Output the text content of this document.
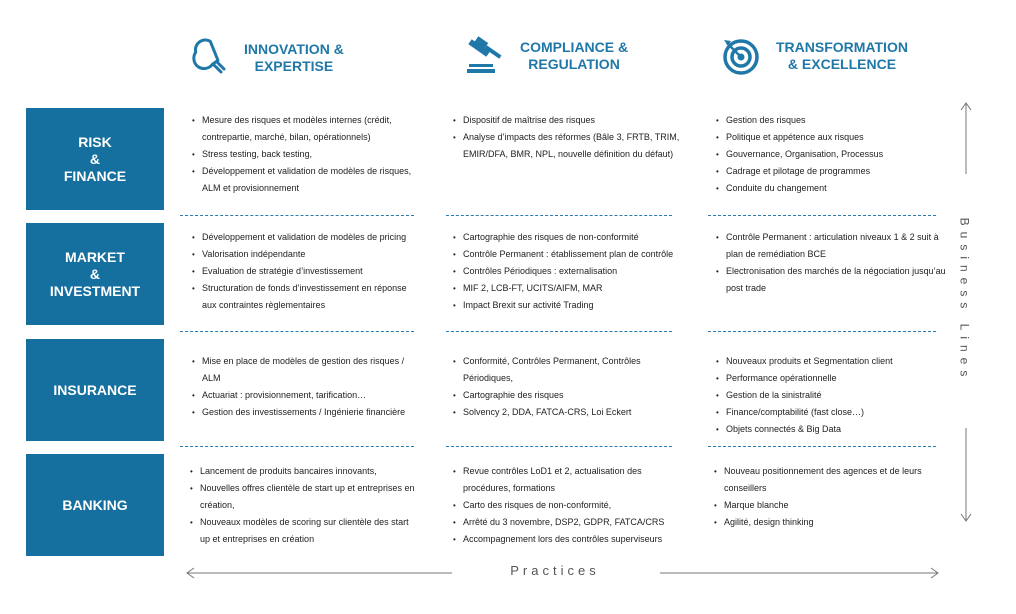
INNOVATION &
EXPERTISE
COMPLIANCE &
REGULATION
TRANSFORMATION
& EXCELLENCE
RISK
&
FINANCE
MARKET
&
INVESTMENT
INSURANCE
BANKING
• Mesure des risques et modèles internes (crédit, contrepartie, marché, bilan, opérationnels)
• Stress testing, back testing,
• Développement et validation de modèles de risques, ALM et provisionnement
• Dispositif de maîtrise des risques
• Analyse d’impacts des réformes (Bâle 3, FRTB, TRIM, EMIR/DFA, BMR, NPL, nouvelle définition du défaut)
• Gestion des risques
• Politique et appétence aux risques
• Gouvernance, Organisation, Processus
• Cadrage et pilotage de programmes
• Conduite du changement
• Développement et validation de modèles de pricing
• Valorisation indépendante
• Evaluation de stratégie d’investissement
• Structuration de fonds d’investissement en réponse aux contraintes règlementaires
• Cartographie des risques de non-conformité
• Contrôle Permanent : établissement plan de contrôle
• Contrôles Périodiques : externalisation
• MIF 2, LCB-FT, UCITS/AIFM, MAR
• Impact Brexit sur activité Trading
• Contrôle Permanent : articulation niveaux 1 & 2 suit à plan de remédiation BCE
• Electronisation des marchés de la négociation jusqu’au post trade
• Mise en place de modèles de gestion des risques / ALM
• Actuariat : provisionnement, tarification…
• Gestion des investissements / Ingénierie financière
• Conformité, Contrôles Permanent, Contrôles Périodiques,
• Cartographie des risques
• Solvency 2, DDA, FATCA-CRS, Loi Eckert
• Nouveaux produits et Segmentation client
• Performance opérationnelle
• Gestion de la sinistralité
• Finance/comptabilité (fast close…)
• Objets connectés & Big Data
• Lancement de produits bancaires innovants,
• Nouvelles offres clientèle de start up et entreprises en création,
• Nouveaux modèles de scoring sur clientèle des start up et entreprises en création
• Revue contrôles LoD1 et 2, actualisation des procédures, formations
• Carto des risques de non-conformité,
• Arrêté du 3 novembre, DSP2, GDPR, FATCA/CRS
• Accompagnement lors des contrôles superviseurs
• Nouveau positionnement des agences et de leurs conseillers
• Marque blanche
• Agilité, design thinking
Business Lines
Practices
